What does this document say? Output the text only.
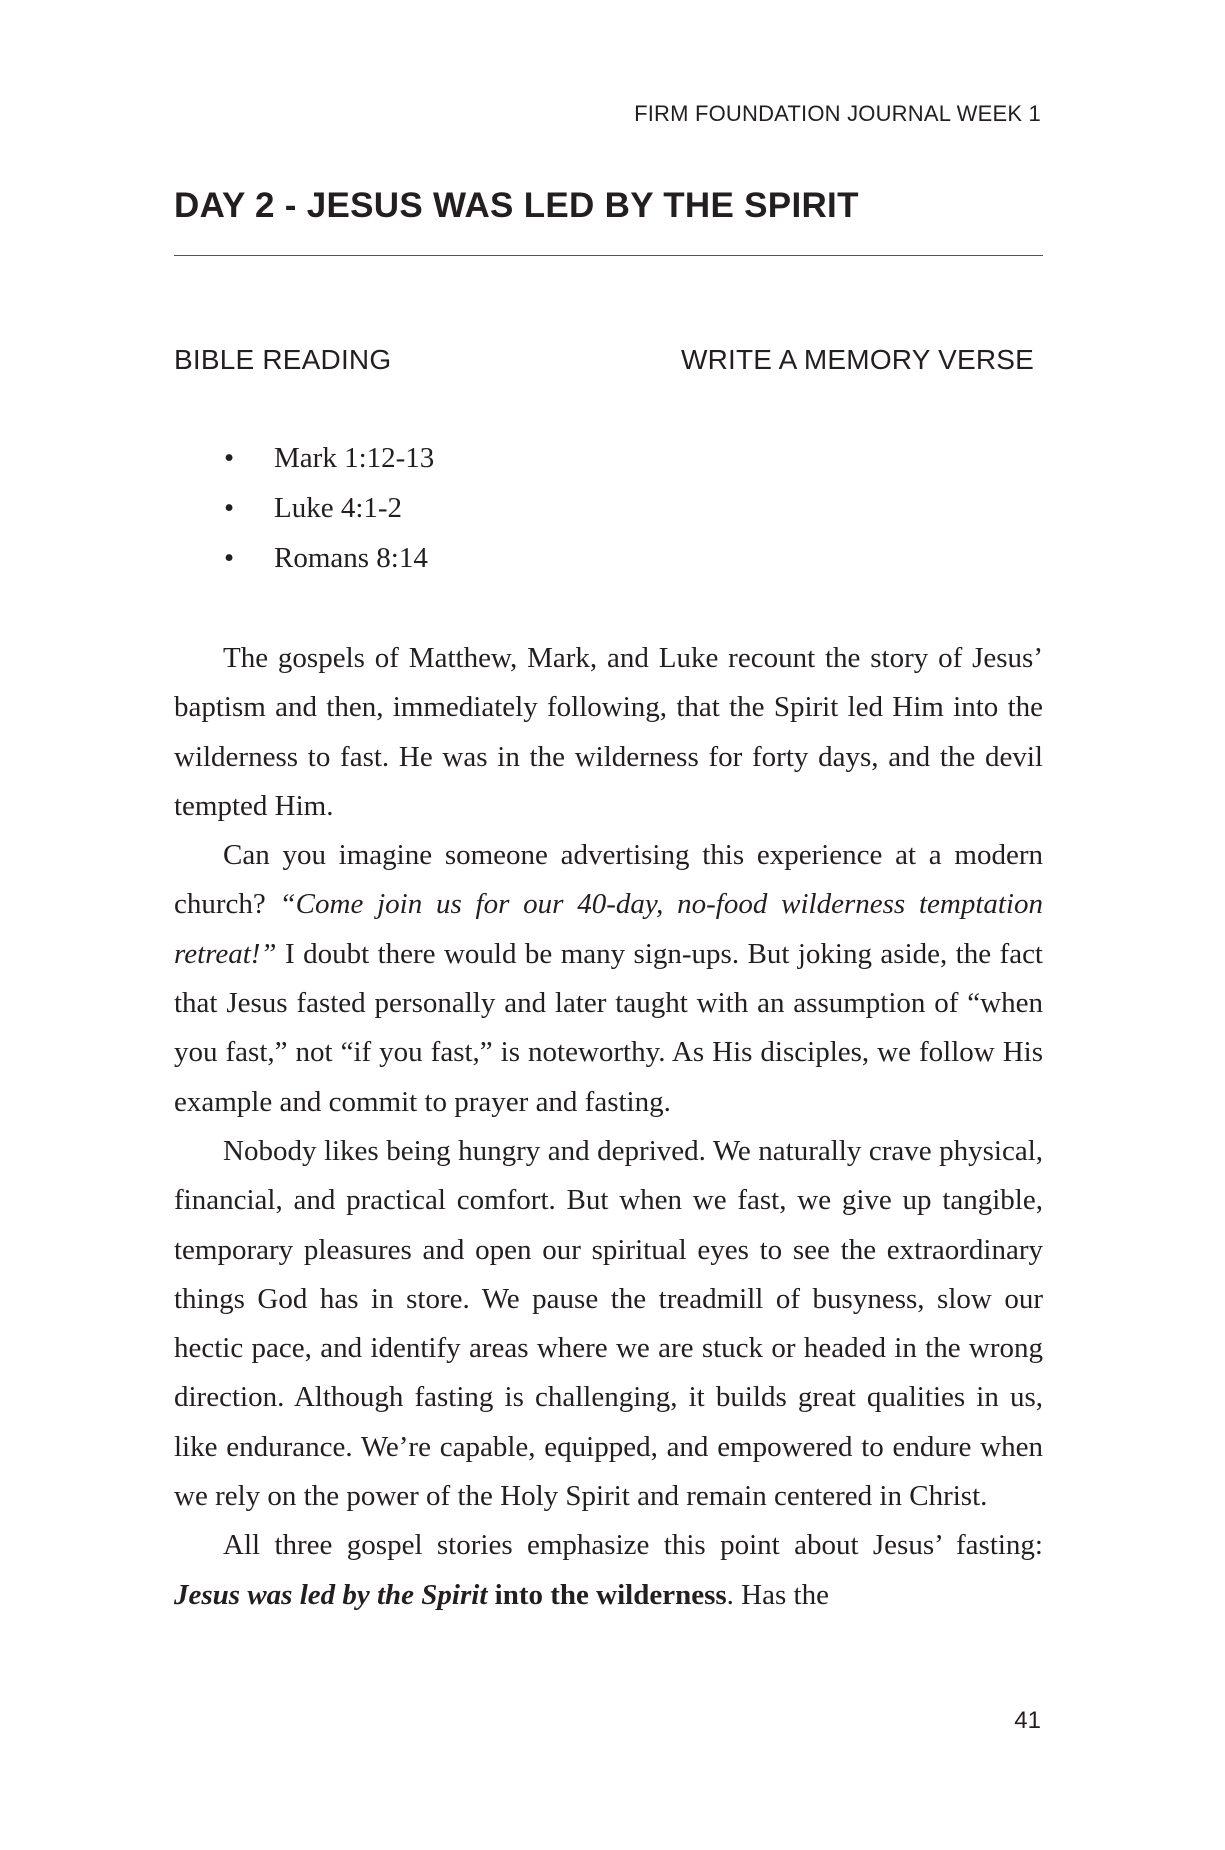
FIRM FOUNDATION JOURNAL WEEK 1
DAY 2 - JESUS WAS LED BY THE SPIRIT
BIBLE READING	WRITE A MEMORY VERSE
• Mark 1:12-13
• Luke 4:1-2
• Romans 8:14

The gospels of Matthew, Mark, and Luke recount the story of Jesus’ baptism and then, immediately following, that the Spirit led Him into the wilderness to fast. He was in the wilderness for forty days, and the devil tempted Him.

Can you imagine someone advertising this experience at a modern church? “Come join us for our 40-day, no-food wilderness temptation retreat!” I doubt there would be many sign-ups. But joking aside, the fact that Jesus fasted personally and later taught with an assumption of “when you fast,” not “if you fast,” is noteworthy. As His disciples, we follow His example and commit to prayer and fasting.

Nobody likes being hungry and deprived. We naturally crave physical, financial, and practical comfort. But when we fast, we give up tangible, temporary pleasures and open our spiritual eyes to see the extraordinary things God has in store. We pause the treadmill of busyness, slow our hectic pace, and identify areas where we are stuck or headed in the wrong direction. Although fasting is challenging, it builds great qualities in us, like endurance. We’re capable, equipped, and empowered to endure when we rely on the power of the Holy Spirit and remain centered in Christ.

All three gospel stories emphasize this point about Jesus’ fasting: Jesus was led by the Spirit into the wilderness. Has the

41
